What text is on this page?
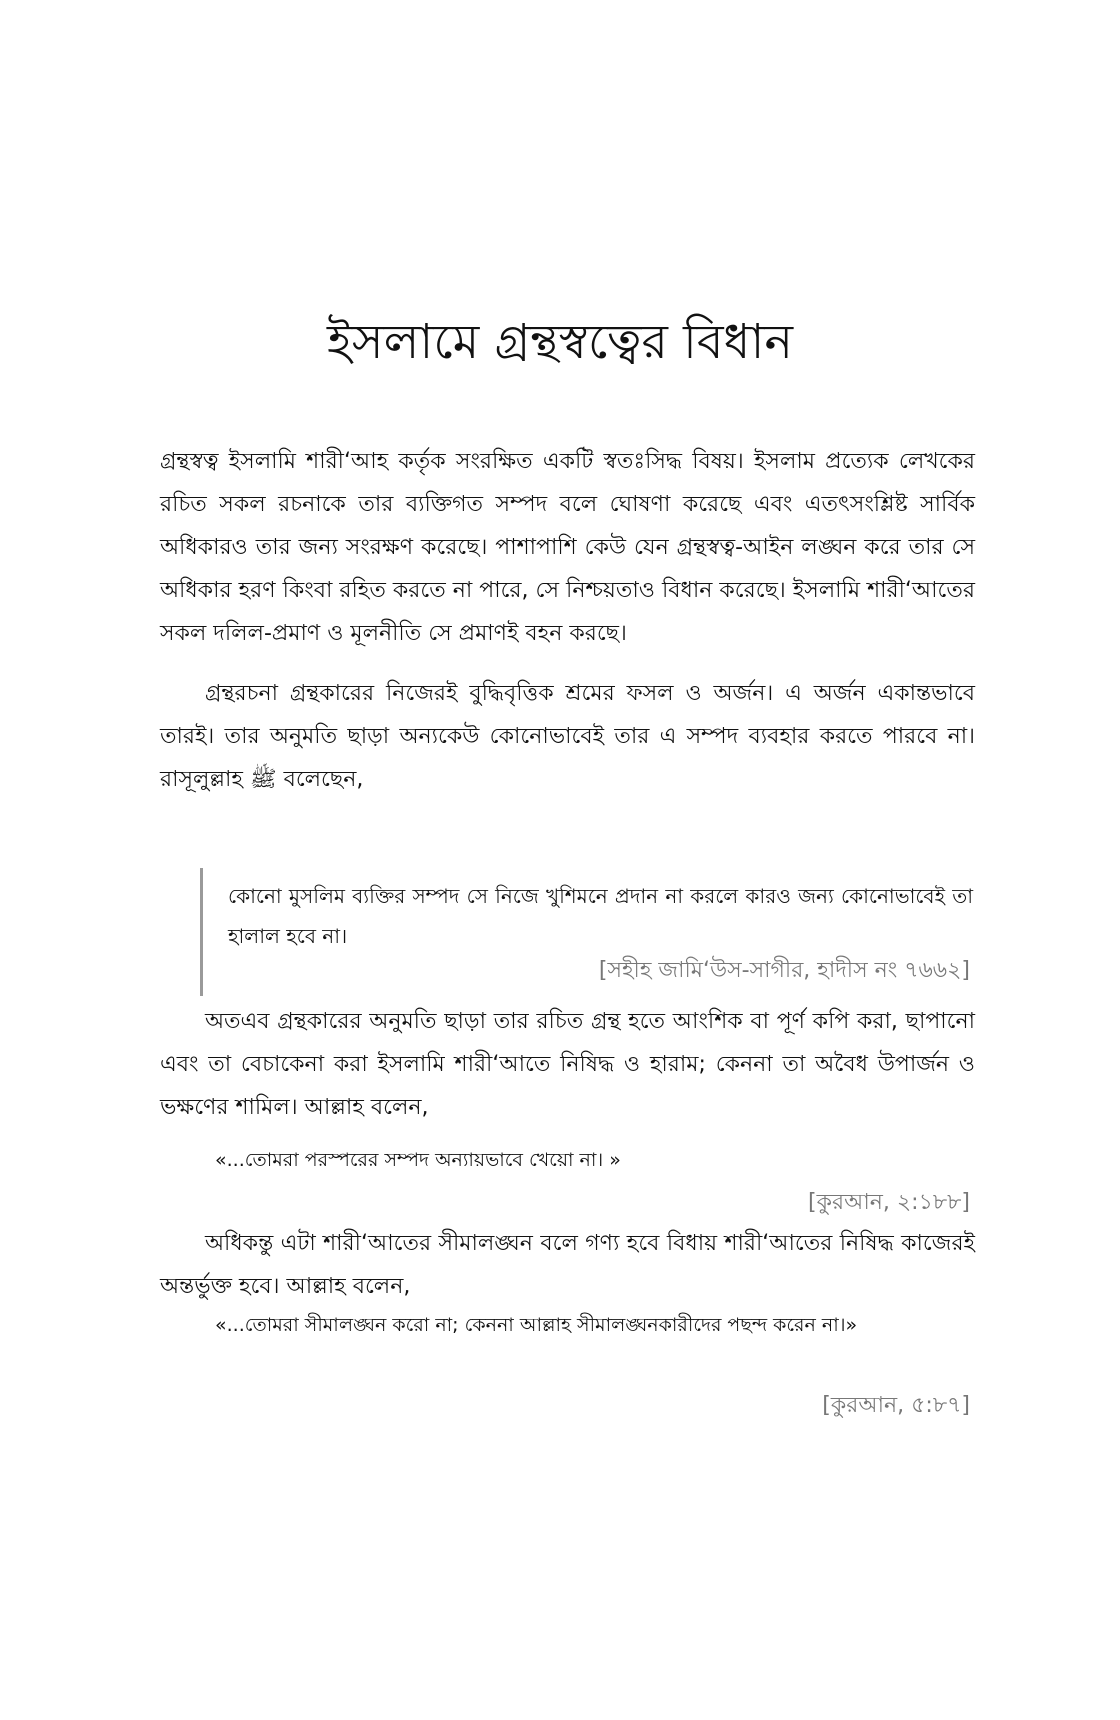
ইসলামে গ্রন্থস্বত্বের বিধান

গ্রন্থস্বত্ব ইসলামি শারী‘আহ কর্তৃক সংরক্ষিত একটি স্বতঃসিদ্ধ বিষয়। ইসলাম প্রত্যেক লেখকের রচিত সকল রচনাকে তার ব্যক্তিগত সম্পদ বলে ঘোষণা করেছে এবং এতৎসংশ্লিষ্ট সার্বিক অধিকারও তার জন্য সংরক্ষণ করেছে। পাশাপাশি কেউ যেন গ্রন্থস্বত্ব-আইন লঙ্ঘন করে তার সে অধিকার হরণ কিংবা রহিত করতে না পারে, সে নিশ্চয়তাও বিধান করেছে। ইসলামি শারী‘আতের সকল দলিল-প্রমাণ ও মূলনীতি সে প্রমাণই বহন করছে।

গ্রন্থরচনা গ্রন্থকারের নিজেরই বুদ্ধিবৃত্তিক শ্রমের ফসল ও অর্জন। এ অর্জন একান্তভাবে তারই। তার অনুমতি ছাড়া অন্যকেউ কোনোভাবেই তার এ সম্পদ ব্যবহার করতে পারবে না। রাসূলুল্লাহ ﷺ বলেছেন,

কোনো মুসলিম ব্যক্তির সম্পদ সে নিজে খুশিমনে প্রদান না করলে কারও জন্য কোনোভাবেই তা হালাল হবে না।

[সহীহ জামি‘উস-সাগীর, হাদীস নং ৭৬৬২]

অতএব গ্রন্থকারের অনুমতি ছাড়া তার রচিত গ্রন্থ হতে আংশিক বা পূর্ণ কপি করা, ছাপানো এবং তা বেচাকেনা করা ইসলামি শারী‘আতে নিষিদ্ধ ও হারাম; কেননা তা অবৈধ উপার্জন ও ভক্ষণের শামিল। আল্লাহ বলেন,

«...তোমরা পরস্পরের সম্পদ অন্যায়ভাবে খেয়ো না। »

[কুরআন, ২:১৮৮]

অধিকন্তু এটা শারী‘আতের সীমালঙ্ঘন বলে গণ্য হবে বিধায় শারী‘আতের নিষিদ্ধ কাজেরই অন্তর্ভুক্ত হবে। আল্লাহ বলেন,

«...তোমরা সীমালঙ্ঘন করো না; কেননা আল্লাহ সীমালঙ্ঘনকারীদের পছন্দ করেন না।»

[কুরআন, ৫:৮৭]
